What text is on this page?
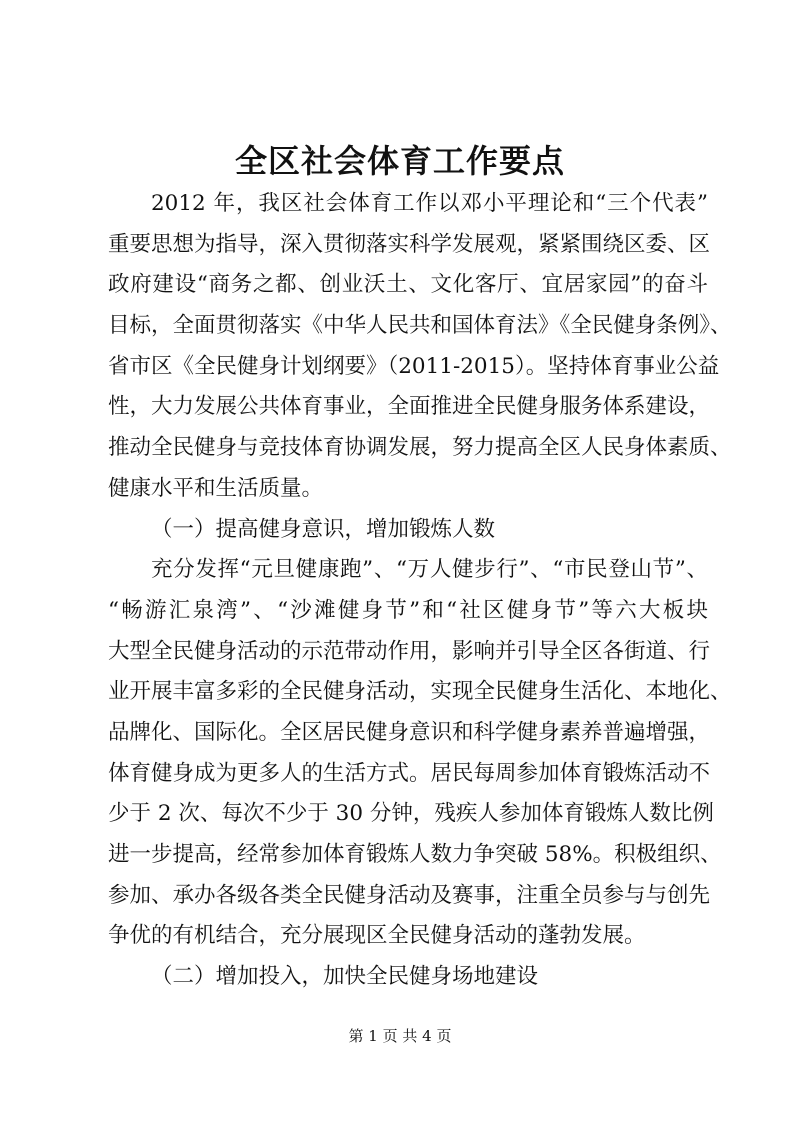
全区社会体育工作要点
2012 年，我区社会体育工作以邓小平理论和“三个代表”
重要思想为指导，深入贯彻落实科学发展观，紧紧围绕区委、区
政府建设“商务之都、创业沃土、文化客厅、宜居家园”的奋斗
目标，全面贯彻落实《中华人民共和国体育法》《全民健身条例》、
省市区《全民健身计划纲要》（2011-2015）。坚持体育事业公益
性，大力发展公共体育事业，全面推进全民健身服务体系建设，
推动全民健身与竞技体育协调发展，努力提高全区人民身体素质、
健康水平和生活质量。
（一）提高健身意识，增加锻炼人数
充分发挥“元旦健康跑”、“万人健步行”、“市民登山节”、
“畅游汇泉湾”、“沙滩健身节”和“社区健身节”等六大板块
大型全民健身活动的示范带动作用，影响并引导全区各街道、行
业开展丰富多彩的全民健身活动，实现全民健身生活化、本地化、
品牌化、国际化。全区居民健身意识和科学健身素养普遍增强，
体育健身成为更多人的生活方式。居民每周参加体育锻炼活动不
少于 2 次、每次不少于 30 分钟，残疾人参加体育锻炼人数比例
进一步提高，经常参加体育锻炼人数力争突破 58%。积极组织、
参加、承办各级各类全民健身活动及赛事，注重全员参与与创先
争优的有机结合，充分展现区全民健身活动的蓬勃发展。
（二）增加投入，加快全民健身场地建设
第 1 页 共 4 页
